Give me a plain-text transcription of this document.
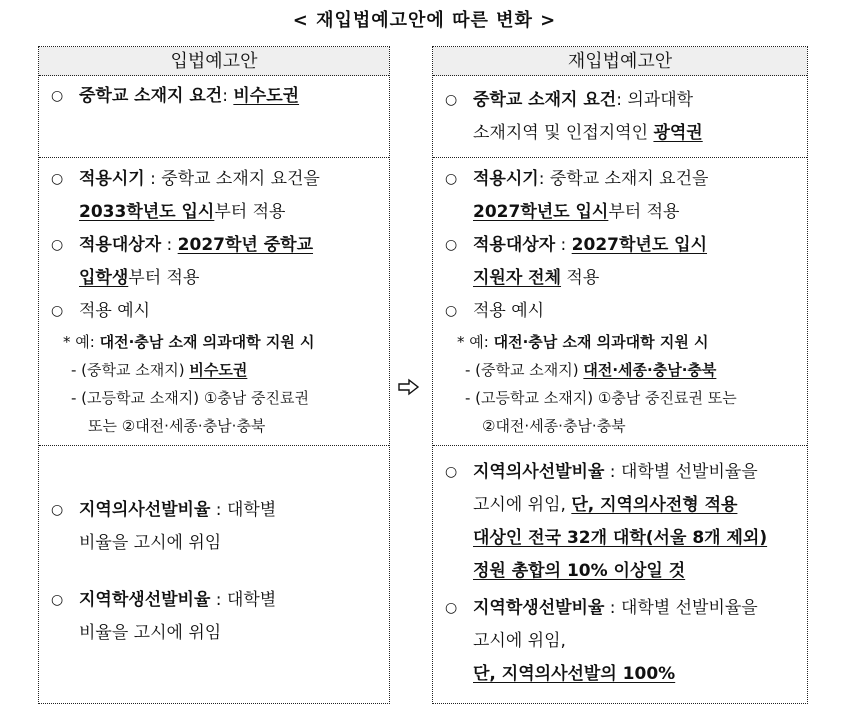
< 재입법예고안에 따른 변화 >
입법예고안
○ 중학교 소재지 요건: 비수도권
○ 적용시기 : 중학교 소재지 요건을
2033학년도 입시부터 적용
○ 적용대상자 : 2027학년 중학교
입학생부터 적용
○ 적용 예시
* 예: 대전·충남 소재 의과대학 지원 시
- (중학교 소재지) 비수도권
- (고등학교 소재지) ①충남 중진료권
또는 ②대전·세종·충남·충북
○ 지역의사선발비율 : 대학별
비율을 고시에 위임
○ 지역학생선발비율 : 대학별
비율을 고시에 위임
재입법예고안
○ 중학교 소재지 요건: 의과대학
소재지역 및 인접지역인 광역권
○ 적용시기: 중학교 소재지 요건을
2027학년도 입시부터 적용
○ 적용대상자 : 2027학년도 입시
지원자 전체 적용
○ 적용 예시
* 예: 대전·충남 소재 의과대학 지원 시
- (중학교 소재지) 대전·세종·충남·충북
- (고등학교 소재지) ①충남 중진료권 또는
②대전·세종·충남·충북
○ 지역의사선발비율 : 대학별 선발비율을
고시에 위임, 단, 지역의사전형 적용
대상인 전국 32개 대학(서울 8개 제외)
정원 총합의 10% 이상일 것
○ 지역학생선발비율 : 대학별 선발비율을
고시에 위임,
단, 지역의사선발의 100%
